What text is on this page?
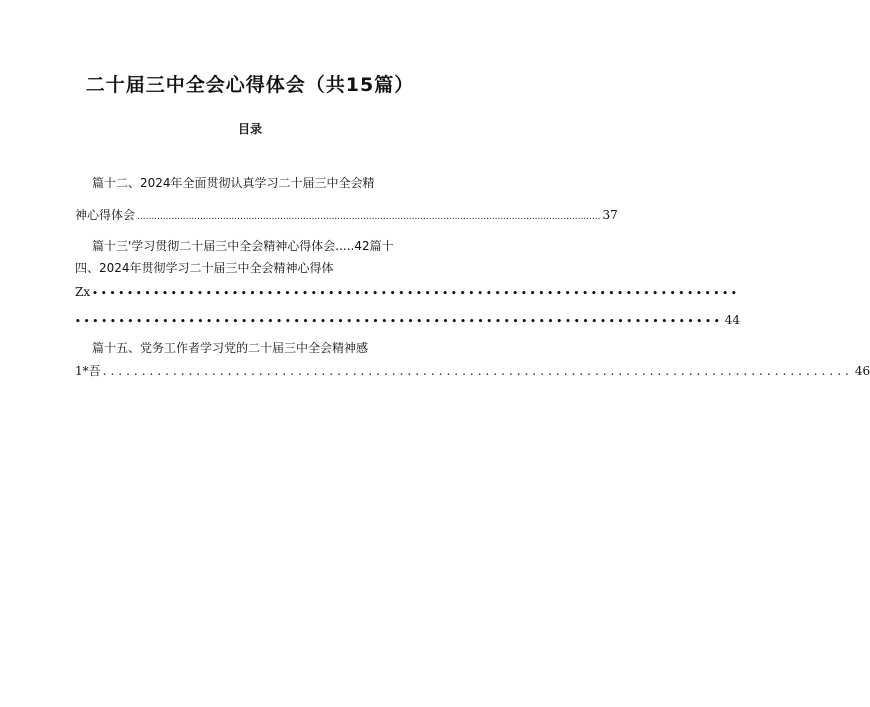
二十届三中全会心得体会（共15篇）
目录
篇十二、2024年全面贯彻认真学习二十届三中全会精
神心得体会 .................................................................................................................................................................. 37
篇十三'学习贯彻二十届三中全会精神心得体会.....42篇十
四、2024年贯彻学习二十届三中全会精神心得体
Zx ••••••••••••••••••••••••••••••••••••••••••••••••••••••••••••••••••••••••••
•••••••••••••••••••••••••••••••••••••••••••••••••••••••••••••••••••••••••• 44
篇十五、党务工作者学习党的二十届三中全会精神感
1*吾 ................................................................................................ 46
